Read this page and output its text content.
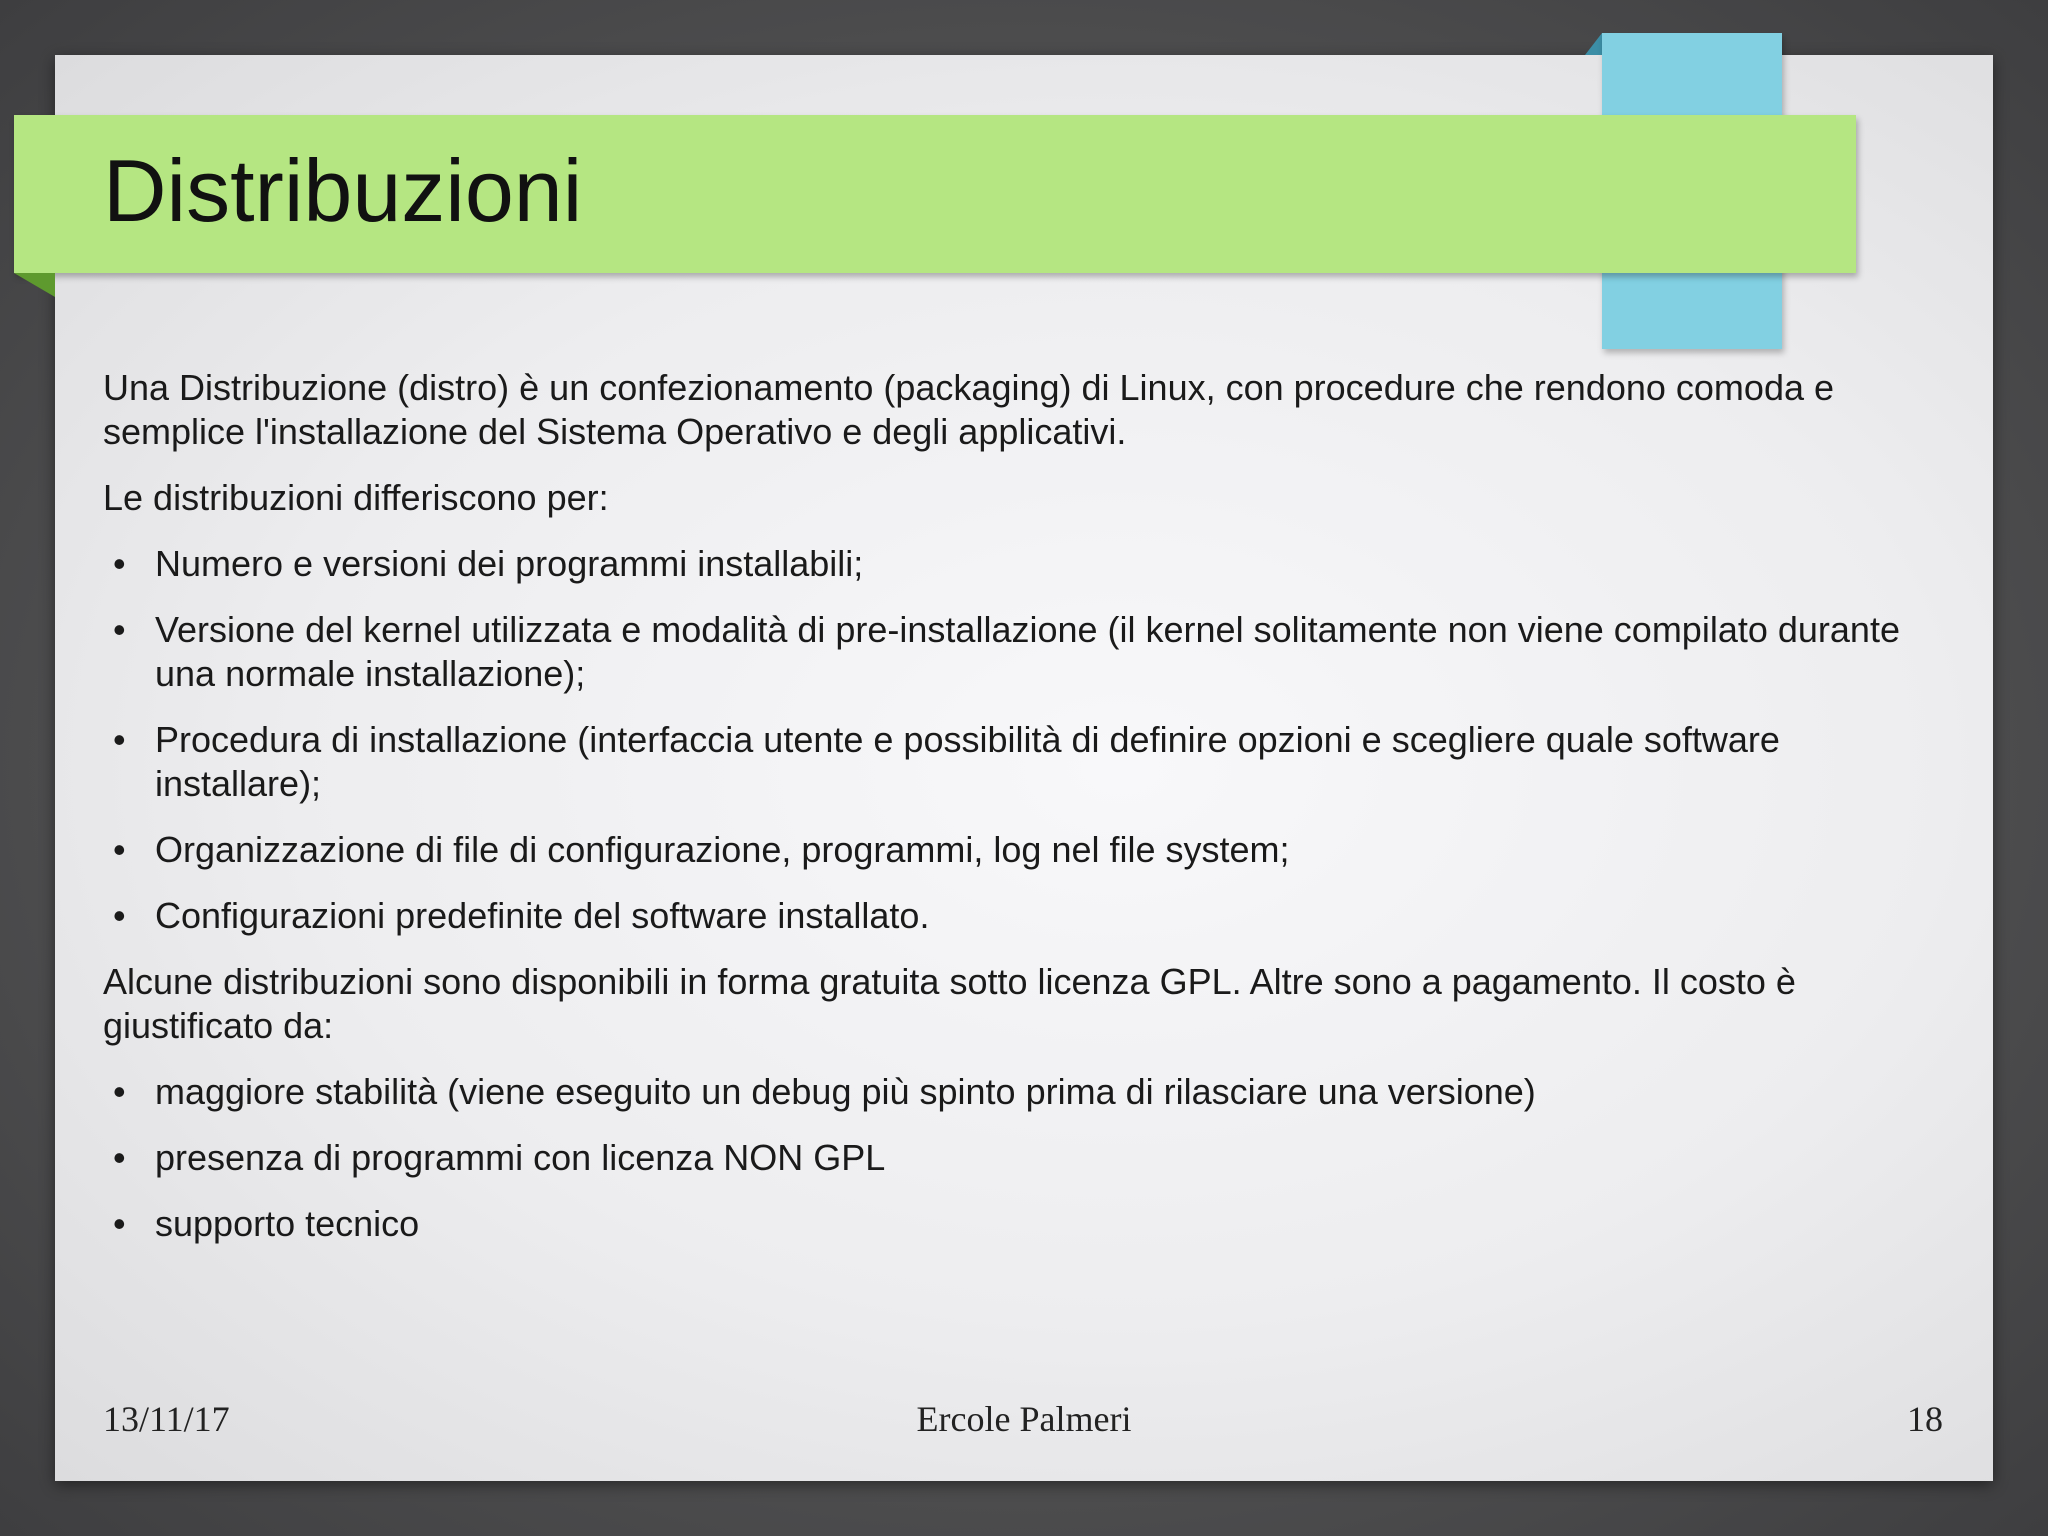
Distribuzioni

Una Distribuzione (distro) è un confezionamento (packaging) di Linux, con procedure che rendono comoda e semplice l'installazione del Sistema Operativo e degli applicativi.

Le distribuzioni differiscono per:

• Numero e versioni dei programmi installabili;
• Versione del kernel utilizzata e modalità di pre-installazione (il kernel solitamente non viene compilato durante una normale installazione);
• Procedura di installazione (interfaccia utente e possibilità di definire opzioni e scegliere quale software installare);
• Organizzazione di file di configurazione, programmi, log nel file system;
• Configurazioni predefinite del software installato.

Alcune distribuzioni sono disponibili in forma gratuita sotto licenza GPL. Altre sono a pagamento. Il costo è giustificato da:

• maggiore stabilità (viene eseguito un debug più spinto prima di rilasciare una versione)
• presenza di programmi con licenza NON GPL
• supporto tecnico
13/11/17	Ercole Palmeri	18
